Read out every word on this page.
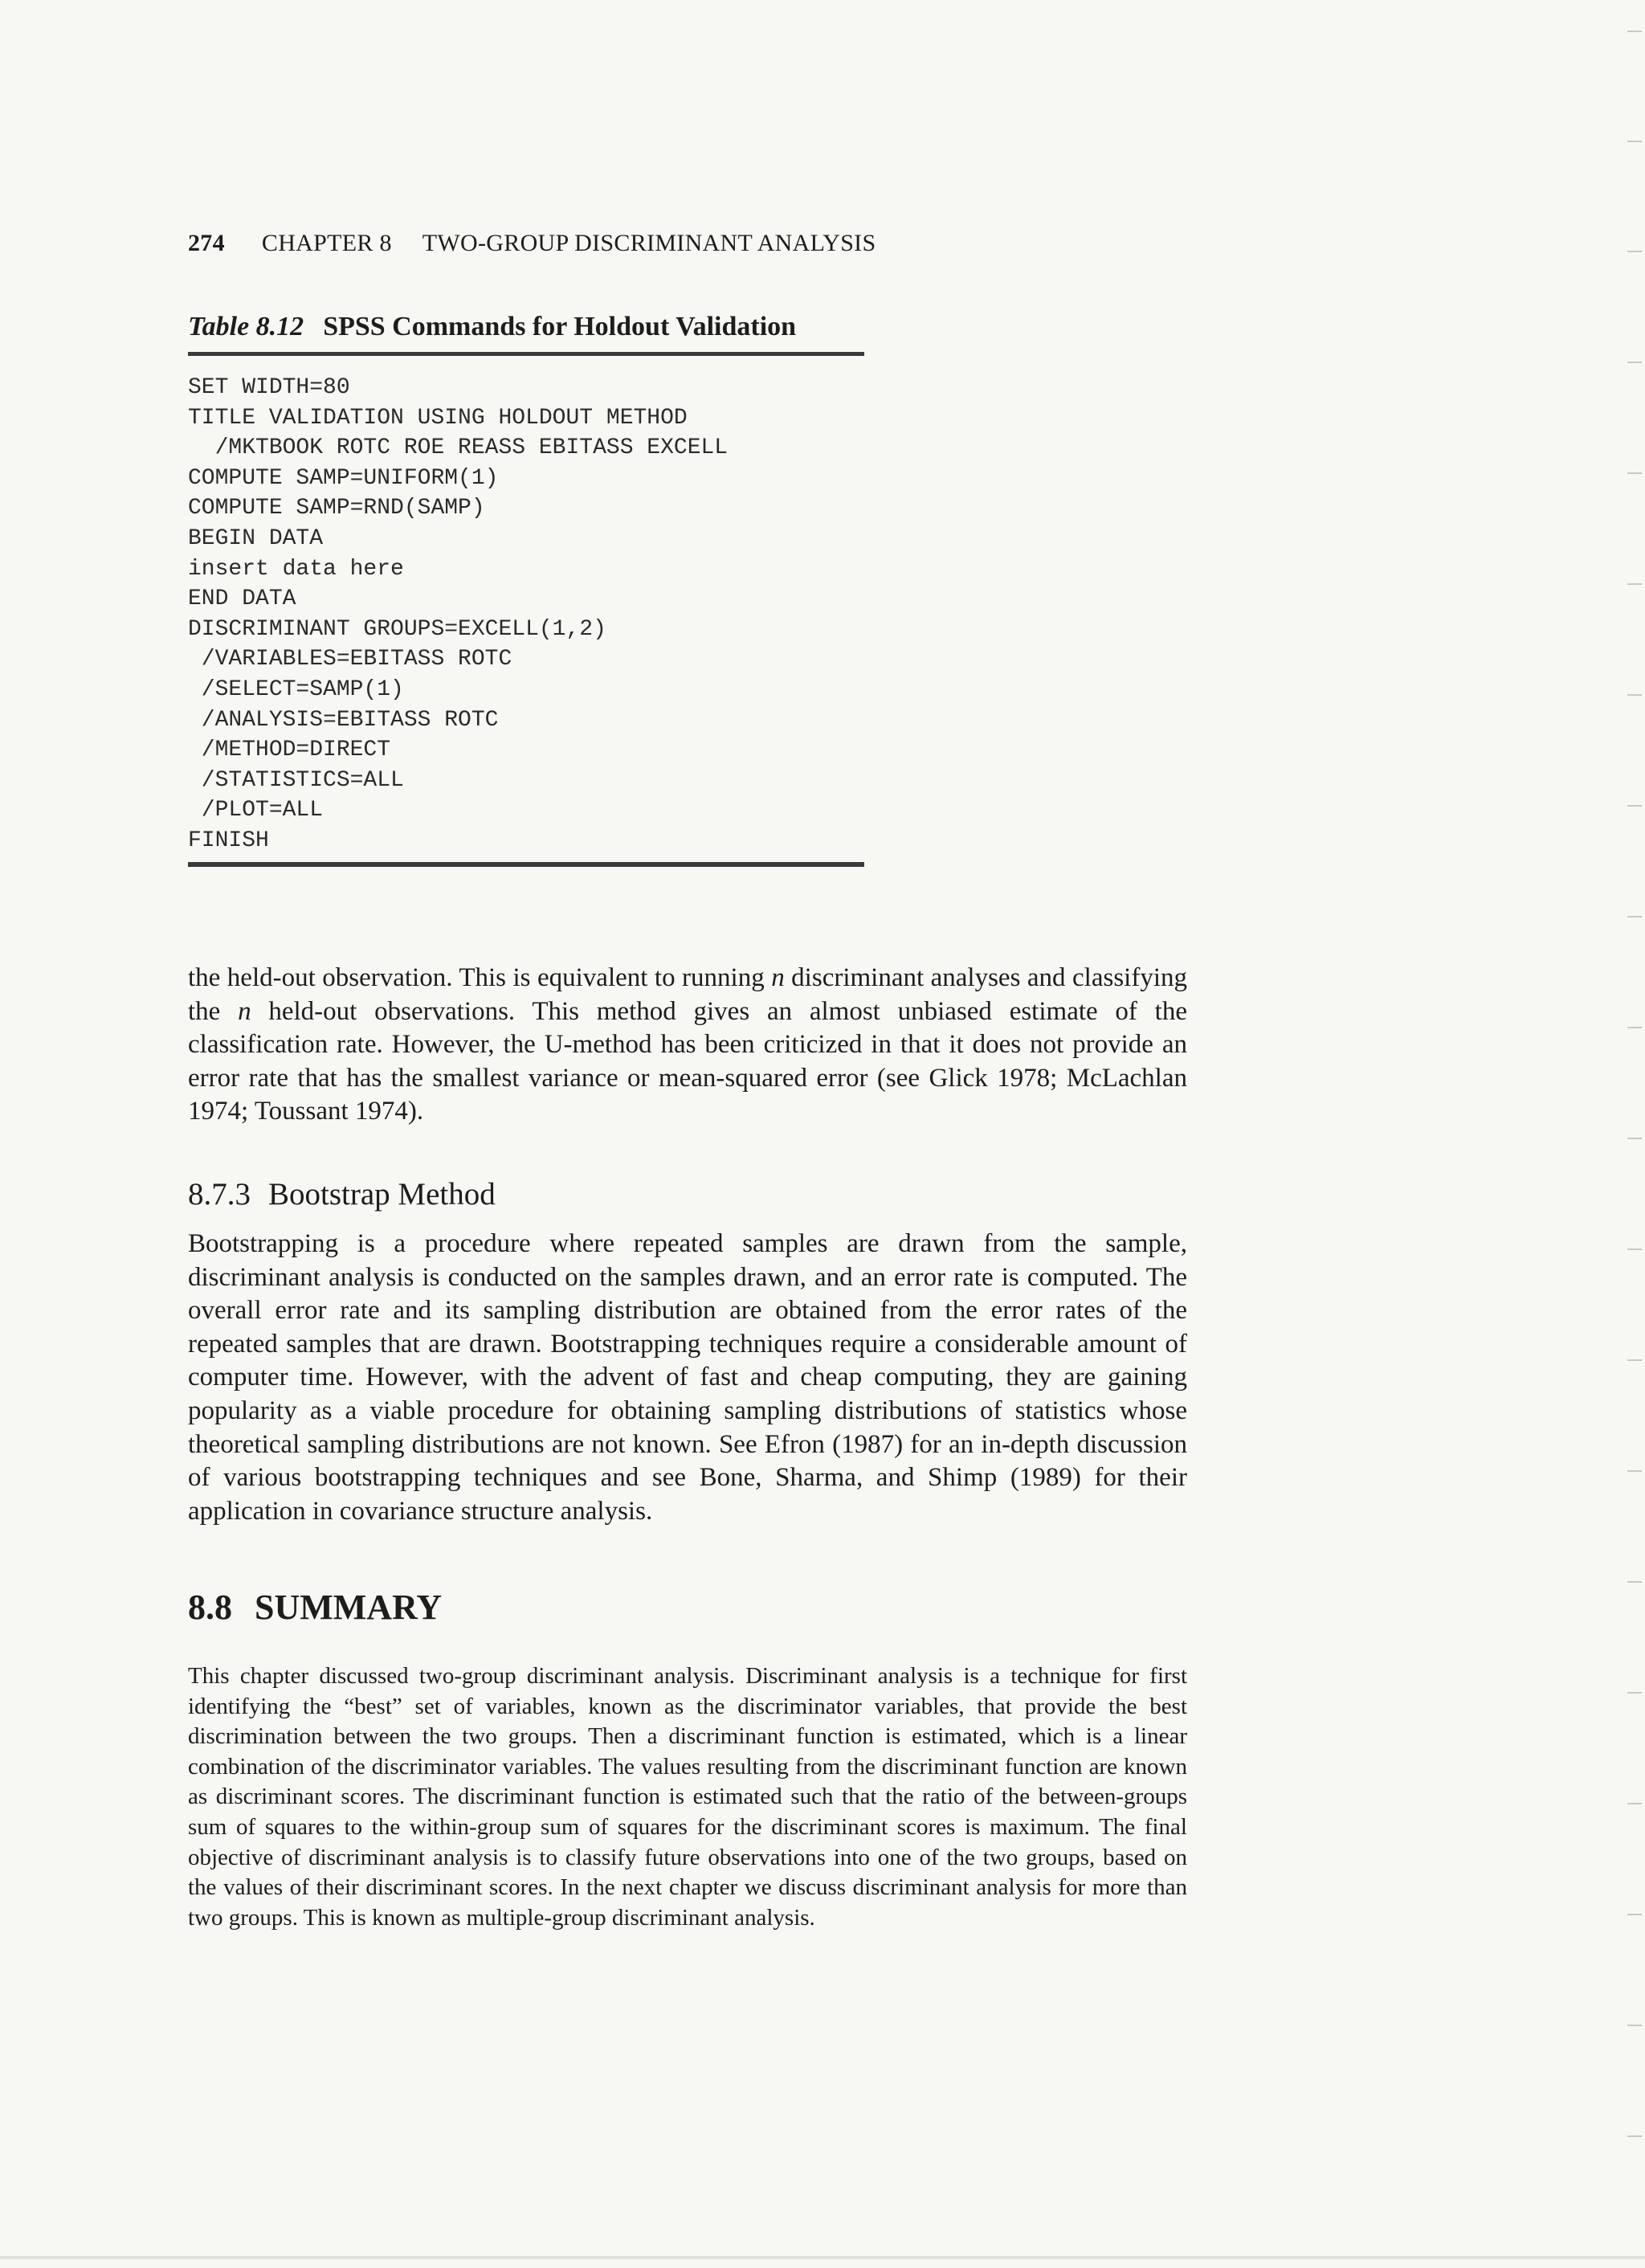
274 CHAPTER 8 TWO-GROUP DISCRIMINANT ANALYSIS
Table 8.12 SPSS Commands for Holdout Validation
SET WIDTH=80
TITLE VALIDATION USING HOLDOUT METHOD
/MKTBOOK ROTC ROE REASS EBITASS EXCELL
COMPUTE SAMP=UNIFORM(1)
COMPUTE SAMP=RND(SAMP)
BEGIN DATA
insert data here
END DATA
DISCRIMINANT GROUPS=EXCELL(1,2)
/VARIABLES=EBITASS ROTC
/SELECT=SAMP(1)
/ANALYSIS=EBITASS ROTC
/METHOD=DIRECT
/STATISTICS=ALL
/PLOT=ALL
FINISH

the held-out observation. This is equivalent to running n discriminant analyses and classifying the n held-out observations. This method gives an almost unbiased estimate of the classification rate. However, the U-method has been criticized in that it does not provide an error rate that has the smallest variance or mean-squared error (see Glick 1978; McLachlan 1974; Toussant 1974).

8.7.3 Bootstrap Method

Bootstrapping is a procedure where repeated samples are drawn from the sample, discriminant analysis is conducted on the samples drawn, and an error rate is computed. The overall error rate and its sampling distribution are obtained from the error rates of the repeated samples that are drawn. Bootstrapping techniques require a considerable amount of computer time. However, with the advent of fast and cheap computing, they are gaining popularity as a viable procedure for obtaining sampling distributions of statistics whose theoretical sampling distributions are not known. See Efron (1987) for an in-depth discussion of various bootstrapping techniques and see Bone, Sharma, and Shimp (1989) for their application in covariance structure analysis.

8.8 SUMMARY

This chapter discussed two-group discriminant analysis. Discriminant analysis is a technique for first identifying the “best” set of variables, known as the discriminator variables, that provide the best discrimination between the two groups. Then a discriminant function is estimated, which is a linear combination of the discriminator variables. The values resulting from the discriminant function are known as discriminant scores. The discriminant function is estimated such that the ratio of the between-groups sum of squares to the within-group sum of squares for the discriminant scores is maximum. The final objective of discriminant analysis is to classify future observations into one of the two groups, based on the values of their discriminant scores. In the next chapter we discuss discriminant analysis for more than two groups. This is known as multiple-group discriminant analysis.
